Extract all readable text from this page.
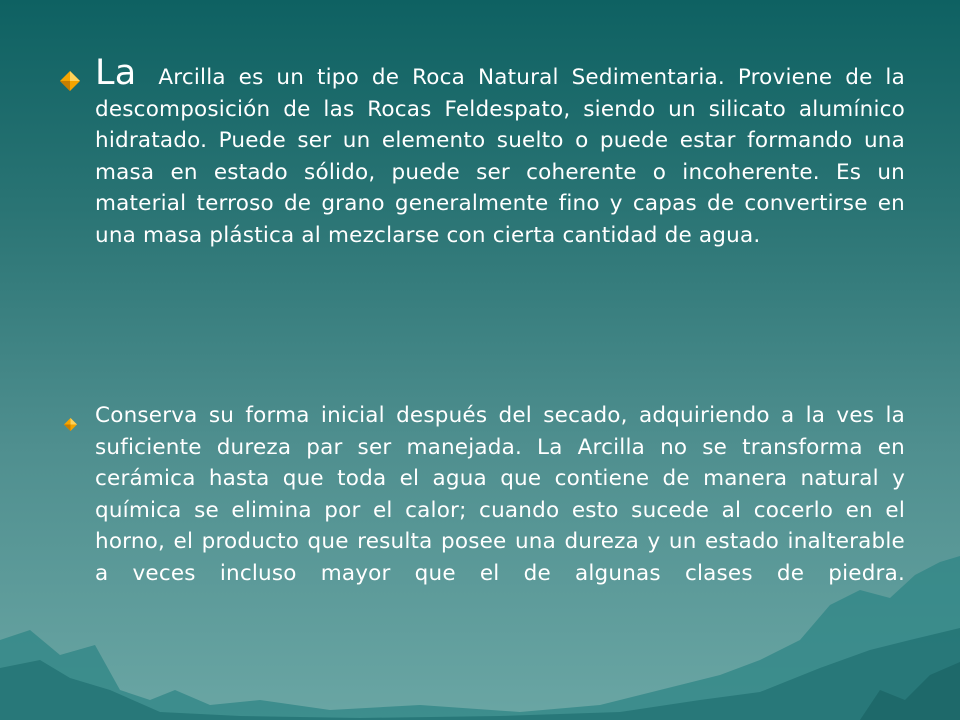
La Arcilla es un tipo de Roca Natural Sedimentaria. Proviene de la descomposición de las Rocas Feldespato, siendo un silicato alumínico hidratado. Puede ser un elemento suelto o puede estar formando una masa en estado sólido, puede ser coherente o incoherente. Es un material terroso de grano generalmente fino y capas de convertirse en una masa plástica al mezclarse con cierta cantidad de agua.

Conserva su forma inicial después del secado, adquiriendo a la ves la suficiente dureza par ser manejada. La Arcilla no se transforma en cerámica hasta que toda el agua que contiene de manera natural y química se elimina por el calor; cuando esto sucede al cocerlo en el horno, el producto que resulta posee una dureza y un estado inalterable a veces incluso mayor que el de algunas clases de piedra.
